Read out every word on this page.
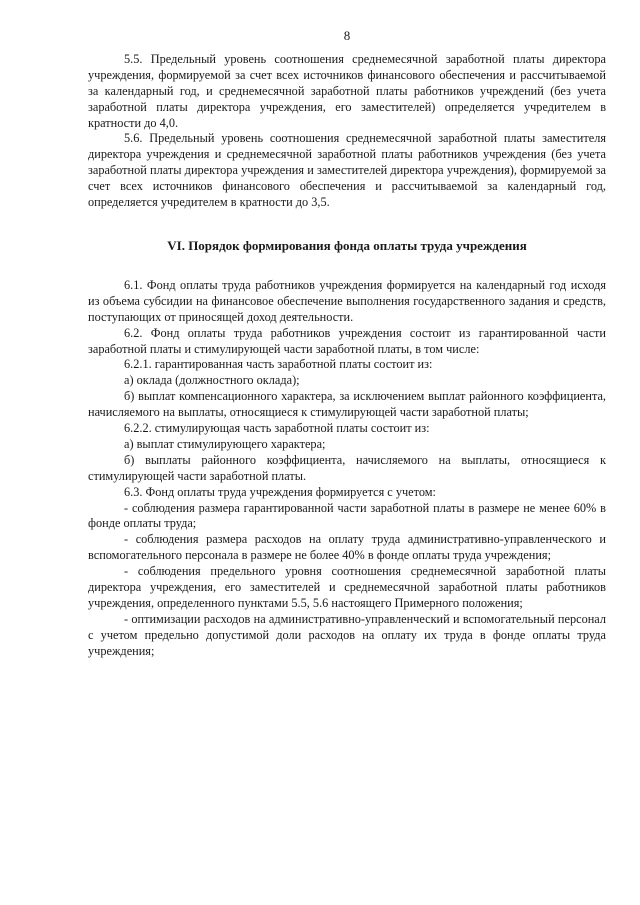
8

5.5. Предельный уровень соотношения среднемесячной заработной платы директора учреждения, формируемой за счет всех источников финансового обеспечения и рассчитываемой за календарный год, и среднемесячной заработной платы работников учреждений (без учета заработной платы директора учреждения, его заместителей) определяется учредителем в кратности до 4,0.

5.6. Предельный уровень соотношения среднемесячной заработной платы заместителя директора учреждения и среднемесячной заработной платы работников учреждения (без учета заработной платы директора учреждения и заместителей директора учреждения), формируемой за счет всех источников финансового обеспечения и рассчитываемой за календарный год, определяется учредителем в кратности до 3,5.

VI. Порядок формирования фонда оплаты труда учреждения

6.1. Фонд оплаты труда работников учреждения формируется на календарный год исходя из объема субсидии на финансовое обеспечение выполнения государственного задания и средств, поступающих от приносящей доход деятельности.

6.2. Фонд оплаты труда работников учреждения состоит из гарантированной части заработной платы и стимулирующей части заработной платы, в том числе:

6.2.1. гарантированная часть заработной платы состоит из:

а) оклада (должностного оклада);

б) выплат компенсационного характера, за исключением выплат районного коэффициента, начисляемого на выплаты, относящиеся к стимулирующей части заработной платы;

6.2.2. стимулирующая часть заработной платы состоит из:

а) выплат стимулирующего характера;

б) выплаты районного коэффициента, начисляемого на выплаты, относящиеся к стимулирующей части заработной платы.

6.3. Фонд оплаты труда учреждения формируется с учетом:

- соблюдения размера гарантированной части заработной платы в размере не менее 60% в фонде оплаты труда;

- соблюдения размера расходов на оплату труда административно-управленческого и вспомогательного персонала в размере не более 40% в фонде оплаты труда учреждения;

- соблюдения предельного уровня соотношения среднемесячной заработной платы директора учреждения, его заместителей и среднемесячной заработной платы работников учреждения, определенного пунктами 5.5, 5.6 настоящего Примерного положения;

- оптимизации расходов на административно-управленческий и вспомогательный персонал с учетом предельно допустимой доли расходов на оплату их труда в фонде оплаты труда учреждения;
